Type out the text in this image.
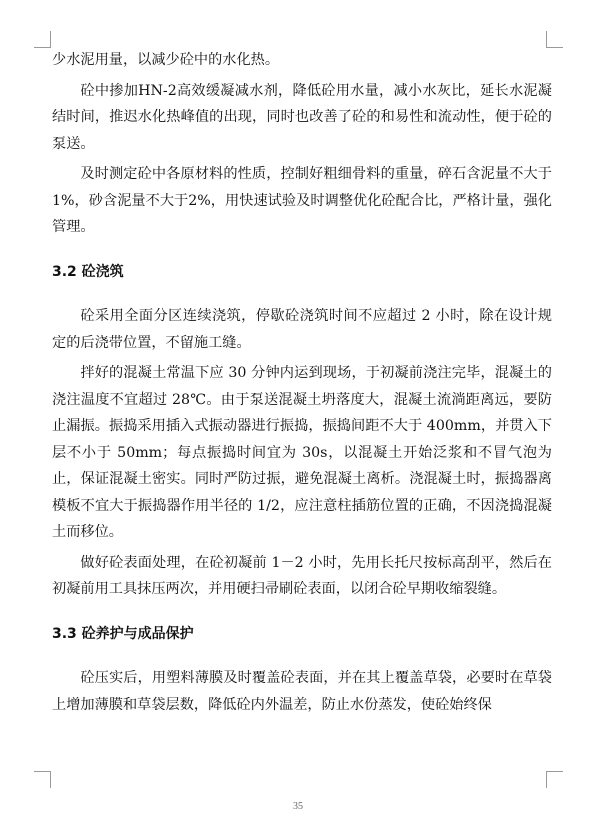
少水泥用量，以减少砼中的水化热。

砼中掺加HN-2高效缓凝减水剂，降低砼用水量，减小水灰比，延长水泥凝结时间，推迟水化热峰值的出现，同时也改善了砼的和易性和流动性，便于砼的泵送。

及时测定砼中各原材料的性质，控制好粗细骨料的重量，碎石含泥量不大于1%，砂含泥量不大于2%，用快速试验及时调整优化砼配合比，严格计量，强化管理。

3.2 砼浇筑

砼采用全面分区连续浇筑，停歇砼浇筑时间不应超过 2 小时，除在设计规定的后浇带位置，不留施工缝。

拌好的混凝土常温下应 30 分钟内运到现场，于初凝前浇注完毕，混凝土的浇注温度不宜超过 28℃。由于泵送混凝土坍落度大，混凝土流淌距离远，要防止漏振。振捣采用插入式振动器进行振捣，振捣间距不大于 400mm，并贯入下层不小于 50mm；每点振捣时间宜为 30s，以混凝土开始泛浆和不冒气泡为止，保证混凝土密实。同时严防过振，避免混凝土离析。浇混凝土时，振捣器离模板不宜大于振捣器作用半径的 1/2，应注意柱插筋位置的正确，不因浇捣混凝土而移位。

做好砼表面处理，在砼初凝前 1－2 小时，先用长托尺按标高刮平，然后在初凝前用工具抹压两次，并用硬扫帚刷砼表面，以闭合砼早期收缩裂缝。

3.3 砼养护与成品保护

砼压实后，用塑料薄膜及时覆盖砼表面，并在其上覆盖草袋，必要时在草袋上增加薄膜和草袋层数，降低砼内外温差，防止水份蒸发，使砼始终保

35
